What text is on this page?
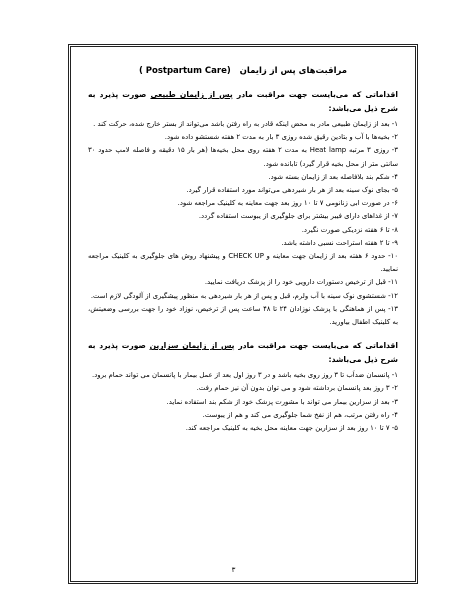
مراقبت‌های پس از زایمان   ( Postpartum Care)

اقداماتی که می‌بایست جهت مراقبت مادر پس از زایمان طبیعی صورت پذیرد به شرح ذیل می‌باشد:

۱- بعد از زایمان طبیعی مادر به محض اینکه قادر به راه رفتن باشد می‌تواند از بستر خارج شده، حرکت کند .

۲- بخیه‌ها با آب و بتادین رقیق شده روزی ۳ بار به مدت ۲ هفته شستشو داده شود.

۳- روزی ۳ مرتبه Heat lamp به مدت ۲ هفته روی محل بخیه‌ها (هر بار ۱۵ دقیقه و فاصله لامپ حدود ۳۰ سانتی متر از محل بخیه قرار گیرد) تابانده شود.

۴- شکم بند بلافاصله بعد از زایمان بسته شود.

۵- بجای نوک سینه بعد از هر بار شیردهی می‌تواند مورد استفاده قرار گیرد.

۶- در صورت ابی زنانومی ۷ تا ۱۰ روز بعد جهت معاینه به کلینیک مراجعه شود.

۷- از غذاهای دارای فیبر بیشتر برای جلوگیری از یبوست استفاده گردد.

۸- تا ۶ هفته نزدیکی صورت نگیرد.

۹- تا ۲ هفته استراحت نسبی داشته باشد.

۱۰- حدود ۶ هفته بعد از زایمان جهت معاینه و CHECK UP و پیشنهاد روش های جلوگیری به کلینیک مراجعه نمایید.

۱۱- قبل از ترخیص دستورات دارویی خود را از پزشک دریافت نمایید.

۱۲- شستشوی نوک سینه با آب ولرم، قبل و پس از هر بار شیردهی به منظور پیشگیری از آلودگی لازم است.

۱۳- پس از هماهنگی با پزشک نوزادان ۲۴ تا ۴۸ ساعت پس از ترخیص، نوزاد خود را جهت بررسی وضعیتش، به کلینیک اطفال بیاورید.

اقداماتی که می‌بایست جهت مراقبت مادر پس از زایمان سزارین صورت پذیرد به شرح ذیل می‌باشد:

۱- پانسمان ضداَب تا ۳ روز روی بخیه باشد و در ۳ روز اول بعد از عمل بیمار با پانسمان می تواند حمام برود.

۲- ۳ روز بعد پانسمان برداشته شود و می توان بدون آن نیز حمام رفت.

۳- بعد از سزارین بیمار می تواند با مشورت پزشک خود از شکم بند استفاده نماید.

۴- راه رفتن مرتب، هم از نفخ شما جلوگیری می کند و هم از یبوست.

۵- ۷ تا ۱۰ روز بعد از سزارین جهت معاینه محل بخیه به کلینیک مراجعه کند.

۳
